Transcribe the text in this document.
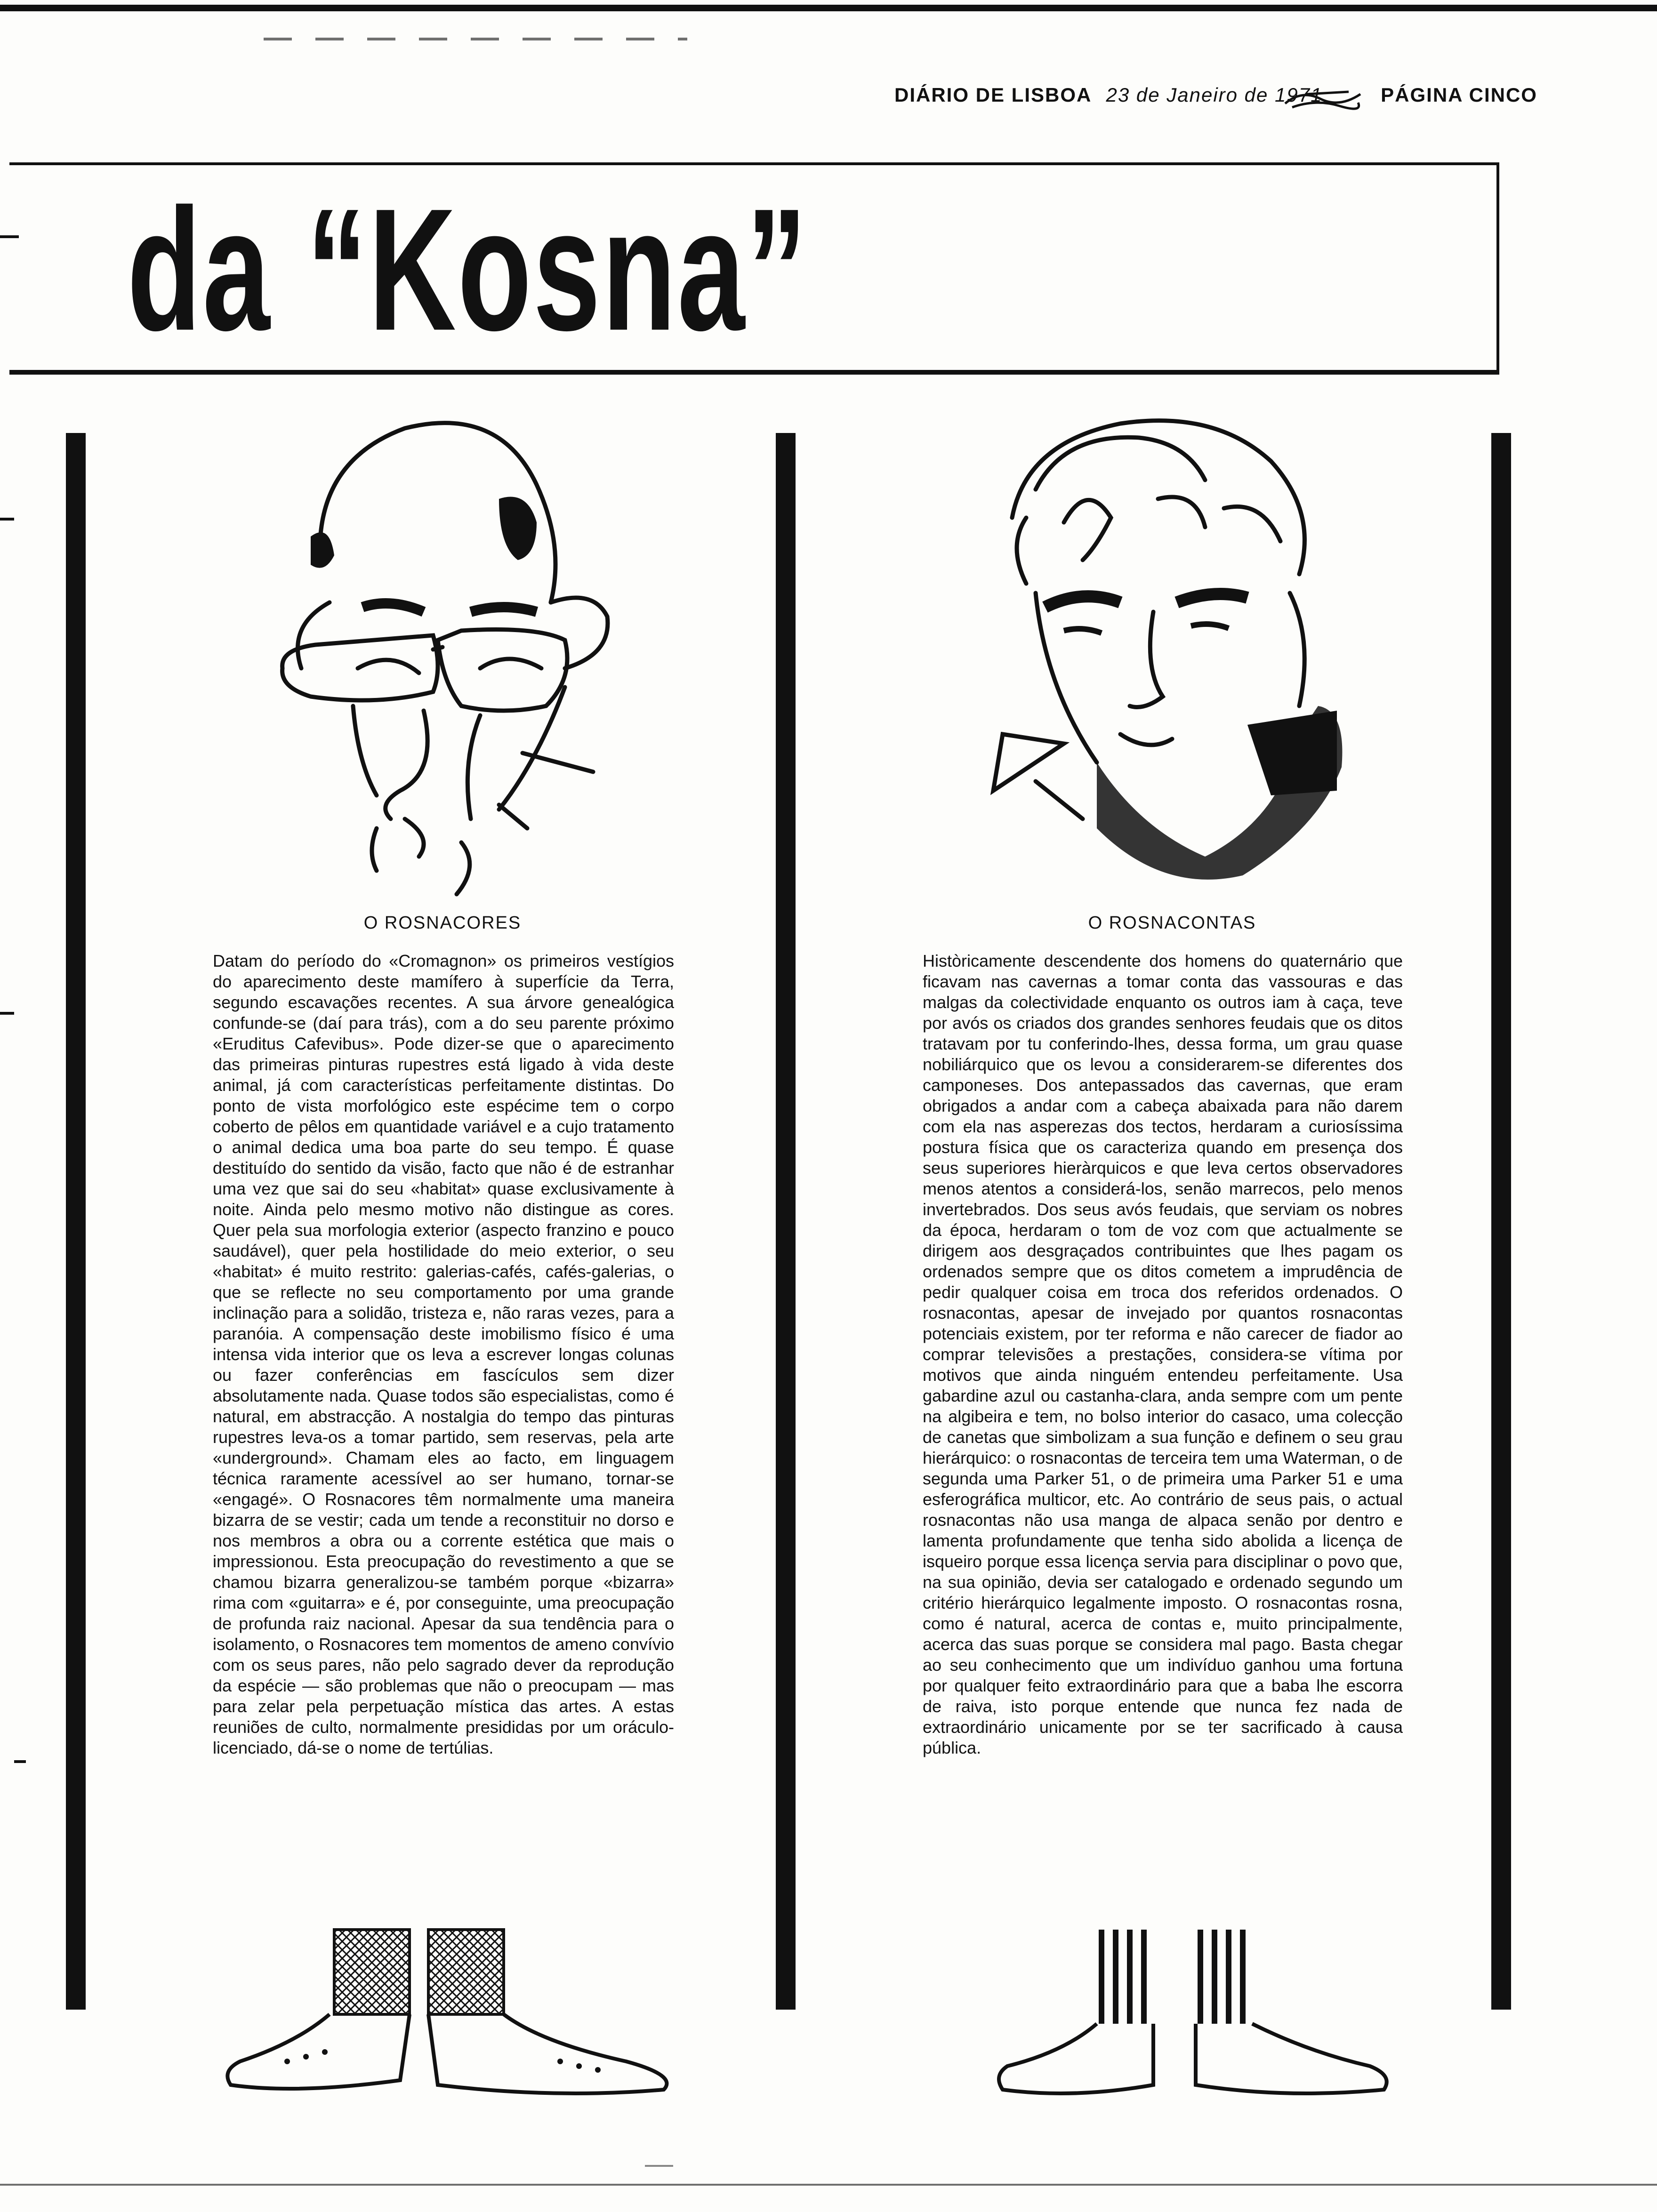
DIÁRIO DE LISBOA 23 de Janeiro de 1971	PÁGINA CINCO
da “Kosna”
O ROSNACORES	O ROSNACONTAS
Datam do período do «Cromagnon» os primeiros vestígios do aparecimento deste mamífero à superfície da Terra, segundo escavações recentes. A sua árvore genealógica confunde-se (daí para trás), com a do seu parente próximo «Eruditus Cafevibus». Pode dizer-se que o aparecimento das primeiras pinturas rupestres está ligado à vida deste animal, já com características perfeitamente distintas. Do ponto de vista morfológico este espécime tem o corpo coberto de pêlos em quantidade variável e a cujo tratamento o animal dedica uma boa parte do seu tempo. É quase destituído do sentido da visão, facto que não é de estranhar uma vez que sai do seu «habitat» quase exclusivamente à noite. Ainda pelo mesmo motivo não distingue as cores. Quer pela sua morfologia exterior (aspecto franzino e pouco saudável), quer pela hostilidade do meio exterior, o seu «habitat» é muito restrito: galerias-cafés, cafés-galerias, o que se reflecte no seu comportamento por uma grande inclinação para a solidão, tristeza e, não raras vezes, para a paranóia. A compensação deste imobilismo físico é uma intensa vida interior que os leva a escrever longas colunas ou fazer conferências em fascículos sem dizer absolutamente nada. Quase todos são especialistas, como é natural, em abstracção. A nostalgia do tempo das pinturas rupestres leva-os a tomar partido, sem reservas, pela arte «underground». Chamam eles ao facto, em linguagem técnica raramente acessível ao ser humano, tornar-se «engagé». O Rosnacores têm normalmente uma maneira bizarra de se vestir; cada um tende a reconstituir no dorso e nos membros a obra ou a corrente estética que mais o impressionou. Esta preocupação do revestimento a que se chamou bizarra generalizou-se também porque «bizarra» rima com «guitarra» e é, por conseguinte, uma preocupação de profunda raiz nacional. Apesar da sua tendência para o isolamento, o Rosnacores tem momentos de ameno convívio com os seus pares, não pelo sagrado dever da reprodução da espécie — são problemas que não o preocupam — mas para zelar pela perpetuação mística das artes. A estas reuniões de culto, normalmente presididas por um oráculo-licenciado, dá-se o nome de tertúlias.
Històricamente descendente dos homens do quaternário que ficavam nas cavernas a tomar conta das vassouras e das malgas da colectividade enquanto os outros iam à caça, teve por avós os criados dos grandes senhores feudais que os ditos tratavam por tu conferindo-lhes, dessa forma, um grau quase nobiliárquico que os levou a considerarem-se diferentes dos camponeses. Dos antepassados das cavernas, que eram obrigados a andar com a cabeça abaixada para não darem com ela nas asperezas dos tectos, herdaram a curiosíssima postura física que os caracteriza quando em presença dos seus superiores hieràrquicos e que leva certos observadores menos atentos a considerá-los, senão marrecos, pelo menos invertebrados. Dos seus avós feudais, que serviam os nobres da época, herdaram o tom de voz com que actualmente se dirigem aos desgraçados contribuintes que lhes pagam os ordenados sempre que os ditos cometem a imprudência de pedir qualquer coisa em troca dos referidos ordenados. O rosnacontas, apesar de invejado por quantos rosnacontas potenciais existem, por ter reforma e não carecer de fiador ao comprar televisões a prestações, considera-se vítima por motivos que ainda ninguém entendeu perfeitamente. Usa gabardine azul ou castanha-clara, anda sempre com um pente na algibeira e tem, no bolso interior do casaco, uma colecção de canetas que simbolizam a sua função e definem o seu grau hierárquico: o rosnacontas de terceira tem uma Waterman, o de segunda uma Parker 51, o de primeira uma Parker 51 e uma esferográfica multicor, etc. Ao contrário de seus pais, o actual rosnacontas não usa manga de alpaca senão por dentro e lamenta profundamente que tenha sido abolida a licença de isqueiro porque essa licença servia para disciplinar o povo que, na sua opinião, devia ser catalogado e ordenado segundo um critério hierárquico legalmente imposto. O rosnacontas rosna, como é natural, acerca de contas e, muito principalmente, acerca das suas porque se considera mal pago. Basta chegar ao seu conhecimento que um indivíduo ganhou uma fortuna por qualquer feito extraordinário para que a baba lhe escorra de raiva, isto porque entende que nunca fez nada de extraordinário unicamente por se ter sacrificado à causa pública.
